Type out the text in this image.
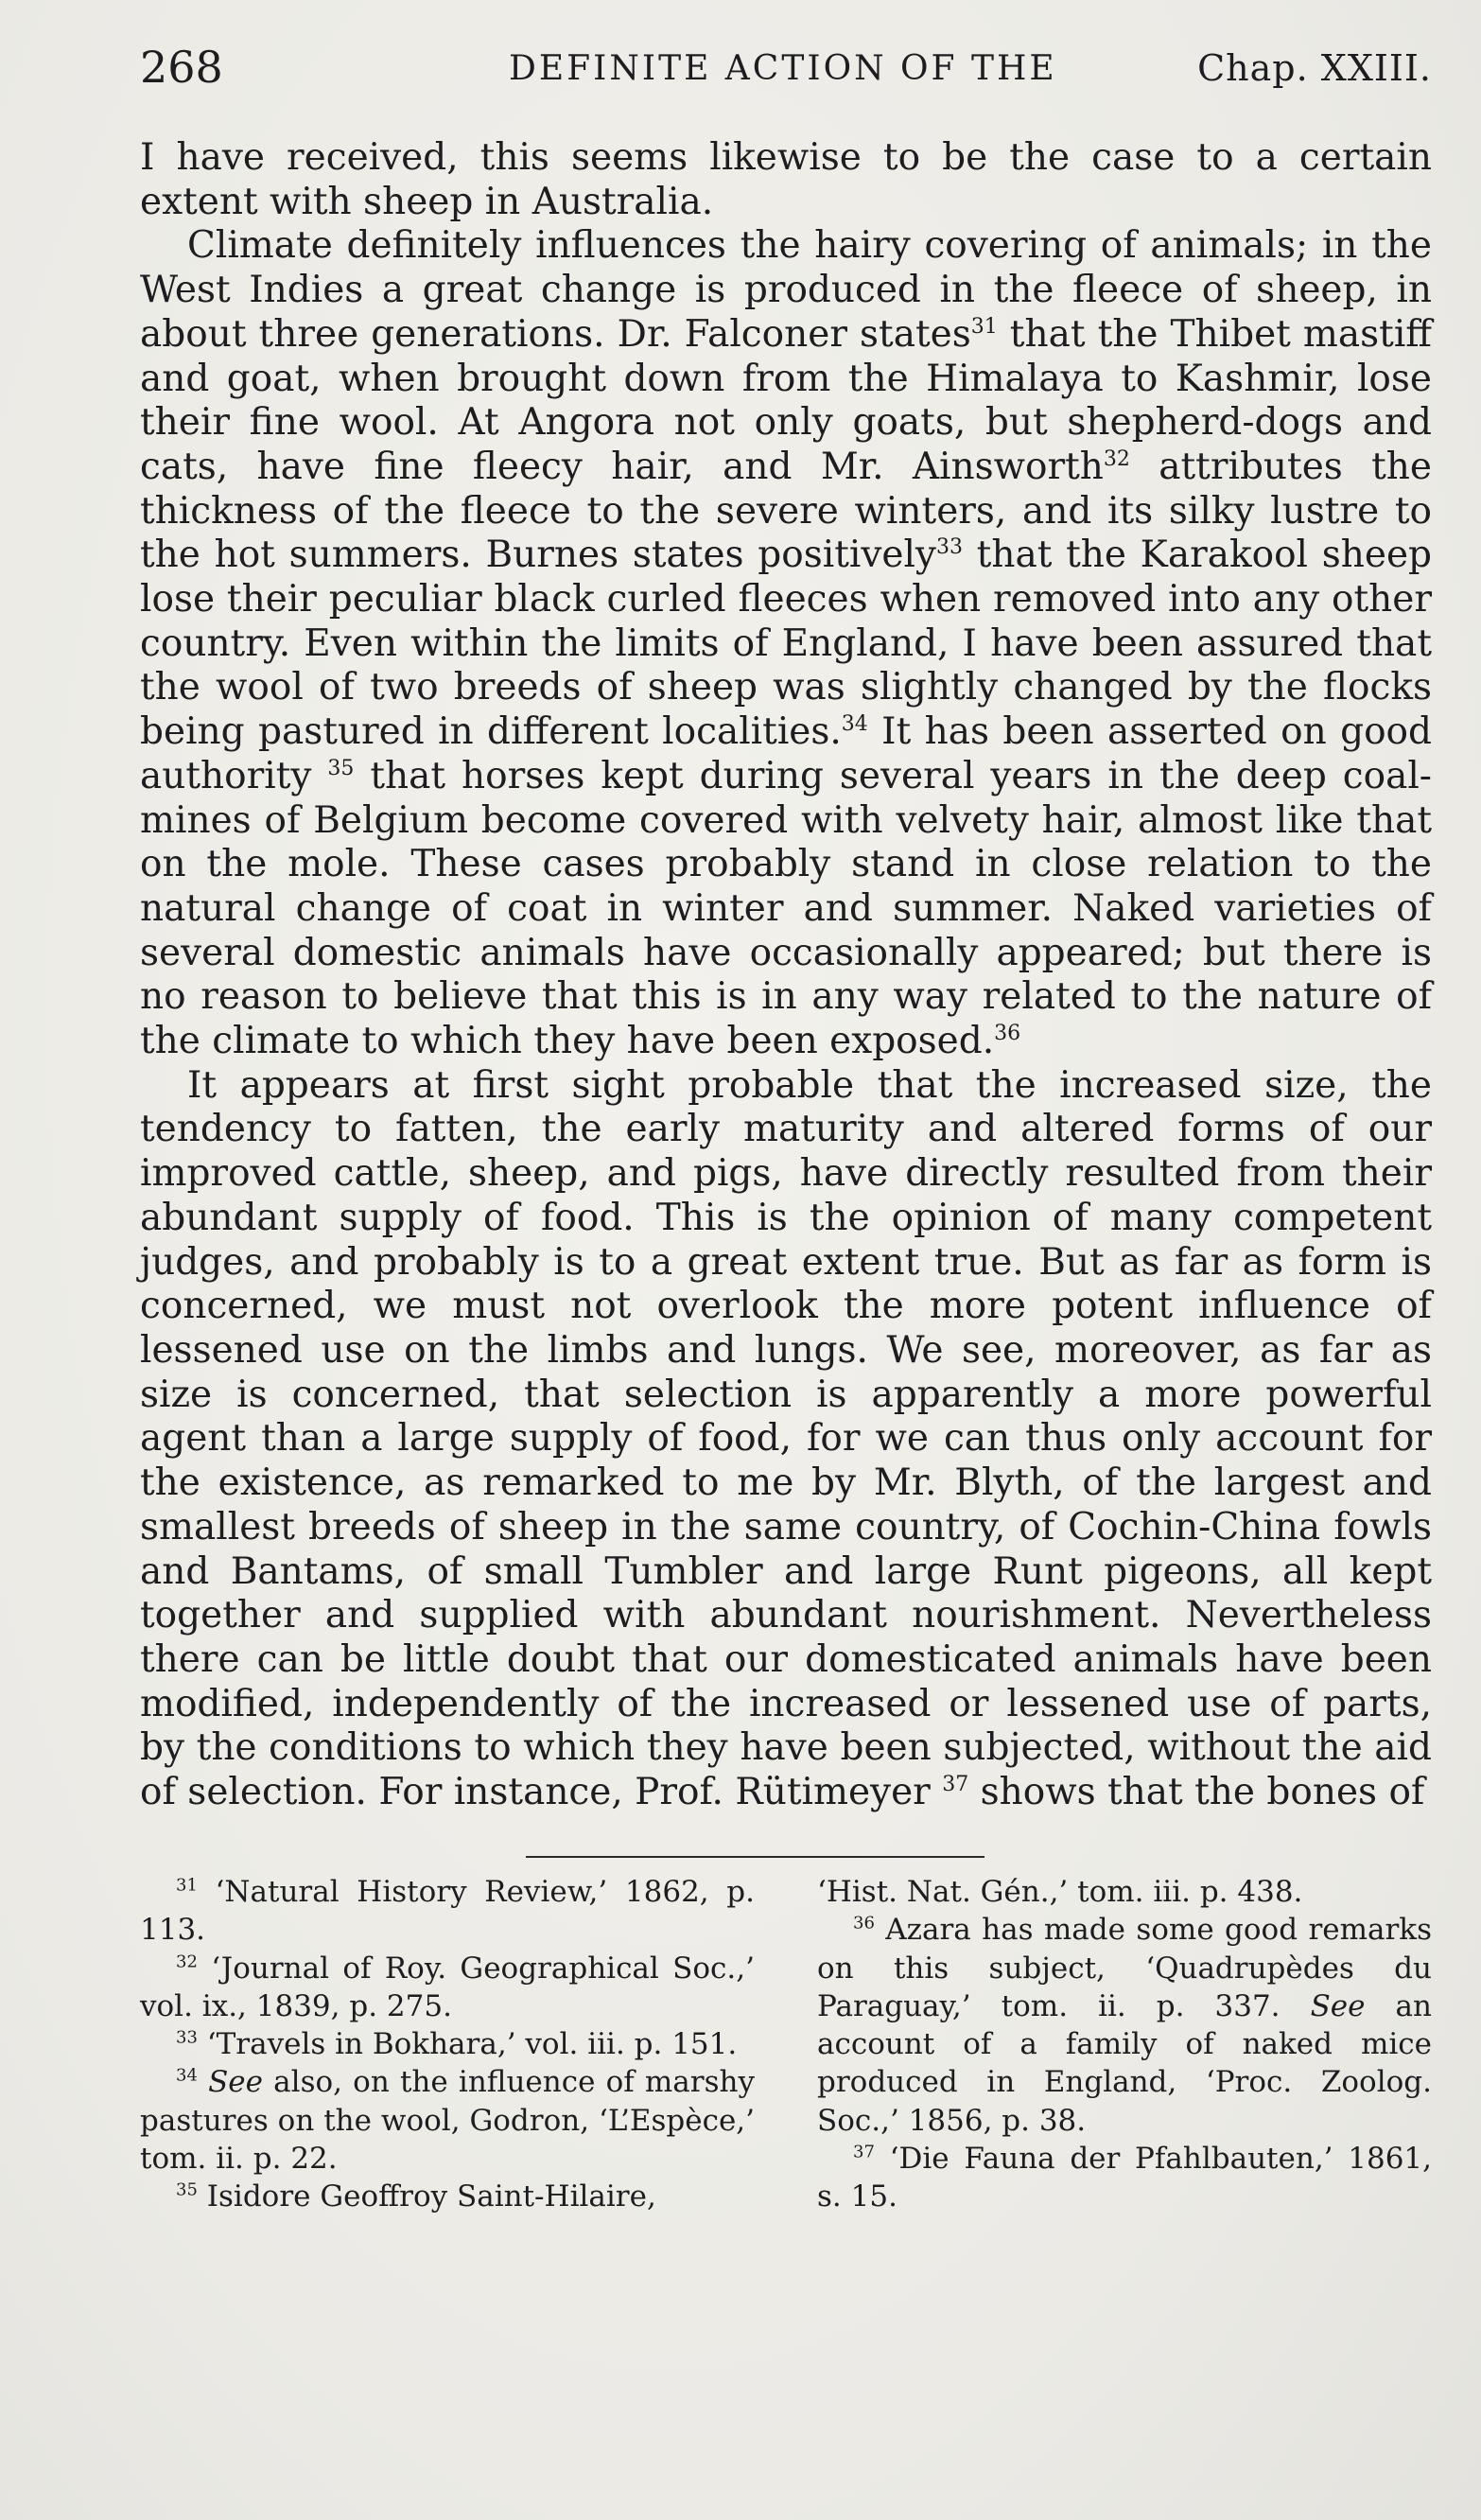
268	DEFINITE ACTION OF THE	Chap. XXIII.

I have received, this seems likewise to be the case to a certain extent with sheep in Australia.

Climate definitely influences the hairy covering of animals; in the West Indies a great change is produced in the fleece of sheep, in about three generations. Dr. Falconer states$^{31}$ that the Thibet mastiff and goat, when brought down from the Himalaya to Kashmir, lose their fine wool. At Angora not only goats, but shepherd-dogs and cats, have fine fleecy hair, and Mr. Ainsworth$^{32}$ attributes the thickness of the fleece to the severe winters, and its silky lustre to the hot summers. Burnes states positively$^{33}$ that the Karakool sheep lose their peculiar black curled fleeces when removed into any other country. Even within the limits of England, I have been assured that the wool of two breeds of sheep was slightly changed by the flocks being pastured in different localities.$^{34}$ It has been asserted on good authority $^{35}$ that horses kept during several years in the deep coal-mines of Belgium become covered with velvety hair, almost like that on the mole. These cases probably stand in close relation to the natural change of coat in winter and summer. Naked varieties of several domestic animals have occasionally appeared; but there is no reason to believe that this is in any way related to the nature of the climate to which they have been exposed.$^{36}$

It appears at first sight probable that the increased size, the tendency to fatten, the early maturity and altered forms of our improved cattle, sheep, and pigs, have directly resulted from their abundant supply of food. This is the opinion of many competent judges, and probably is to a great extent true. But as far as form is concerned, we must not overlook the more potent influence of lessened use on the limbs and lungs. We see, moreover, as far as size is concerned, that selection is apparently a more powerful agent than a large supply of food, for we can thus only account for the existence, as remarked to me by Mr. Blyth, of the largest and smallest breeds of sheep in the same country, of Cochin-China fowls and Bantams, of small Tumbler and large Runt pigeons, all kept together and supplied with abundant nourishment. Nevertheless there can be little doubt that our domesticated animals have been modified, independently of the increased or lessened use of parts, by the conditions to which they have been subjected, without the aid of selection. For instance, Prof. Rütimeyer $^{37}$ shows that the bones of

$^{31}$ ‘Natural History Review,’ 1862, p. 113.

$^{32}$ ‘Journal of Roy. Geographical Soc.,’ vol. ix., 1839, p. 275.

$^{33}$ ‘Travels in Bokhara,’ vol. iii. p. 151.

$^{34}$ See also, on the influence of marshy pastures on the wool, Godron, ‘L’Espèce,’ tom. ii. p. 22.

$^{35}$ Isidore Geoffroy Saint-Hilaire,

‘Hist. Nat. Gén.,’ tom. iii. p. 438.

$^{36}$ Azara has made some good remarks on this subject, ‘Quadrupèdes du Paraguay,’ tom. ii. p. 337. See an account of a family of naked mice produced in England, ‘Proc. Zoolog. Soc.,’ 1856, p. 38.

$^{37}$ ‘Die Fauna der Pfahlbauten,’ 1861, s. 15.
